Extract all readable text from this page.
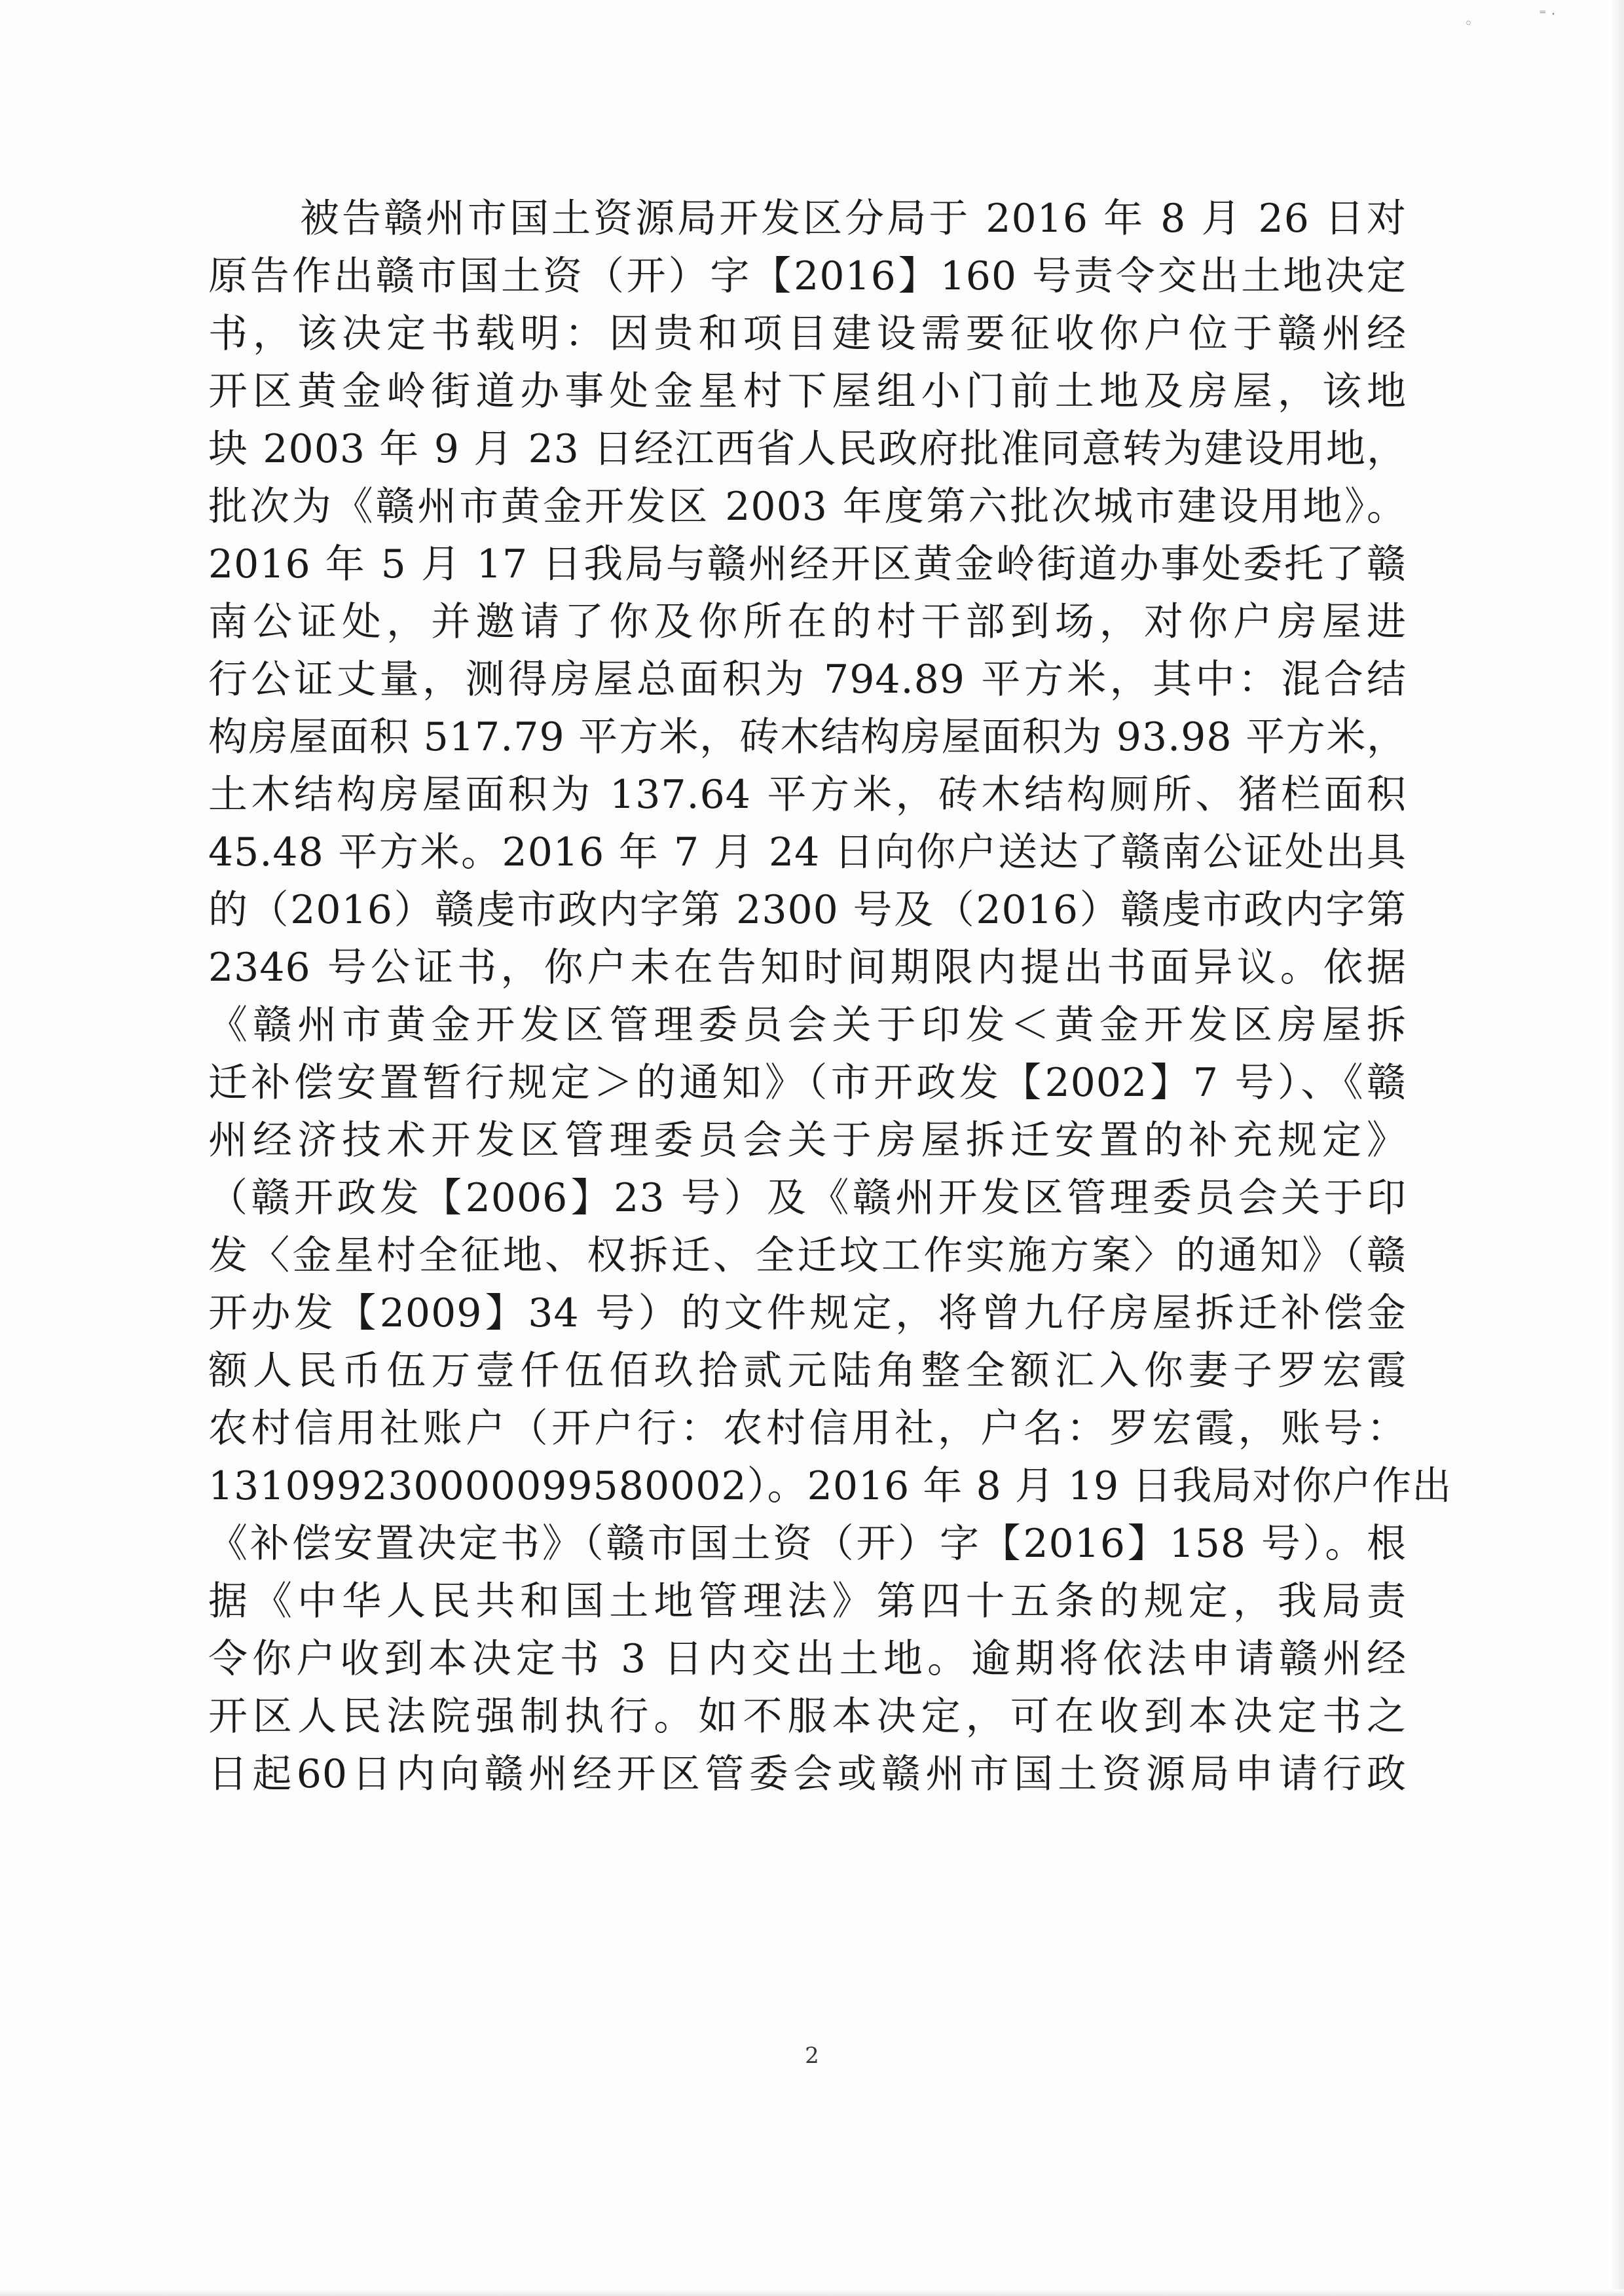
◦
⁼ ·
被告赣州市国土资源局开发区分局于 2016 年 8 月 26 日对
原告作出赣市国土资（开）字【2016】160 号责令交出土地决定
书，该决定书载明：因贵和项目建设需要征收你户位于赣州经
开区黄金岭街道办事处金星村下屋组小门前土地及房屋，该地
块 2003 年 9 月 23 日经江西省人民政府批准同意转为建设用地，
批次为《赣州市黄金开发区 2003 年度第六批次城市建设用地》。
2016 年 5 月 17 日我局与赣州经开区黄金岭街道办事处委托了赣
南公证处，并邀请了你及你所在的村干部到场，对你户房屋进
行公证丈量，测得房屋总面积为 794.89 平方米，其中：混合结
构房屋面积 517.79 平方米，砖木结构房屋面积为 93.98 平方米，
土木结构房屋面积为 137.64 平方米，砖木结构厕所、猪栏面积
45.48 平方米。2016 年 7 月 24 日向你户送达了赣南公证处出具
的（2016）赣虔市政内字第 2300 号及（2016）赣虔市政内字第
2346 号公证书，你户未在告知时间期限内提出书面异议。依据
《赣州市黄金开发区管理委员会关于印发＜黄金开发区房屋拆
迁补偿安置暂行规定＞的通知》（市开政发【2002】7 号）、《赣
州经济技术开发区管理委员会关于房屋拆迁安置的补充规定》
（赣开政发【2006】23 号）及《赣州开发区管理委员会关于印
发〈金星村全征地、权拆迁、全迁坟工作实施方案〉的通知》（赣
开办发【2009】34 号）的文件规定，将曾九仔房屋拆迁补偿金
额人民币伍万壹仟伍佰玖拾贰元陆角整全额汇入你妻子罗宏霞
农村信用社账户（开户行：农村信用社，户名：罗宏霞，账号：
131099230000099580002）。2016 年 8 月 19 日我局对你户作出
《补偿安置决定书》（赣市国土资（开）字【2016】158 号）。根
据《中华人民共和国土地管理法》第四十五条的规定，我局责
令你户收到本决定书 3 日内交出土地。逾期将依法申请赣州经
开区人民法院强制执行。如不服本决定，可在收到本决定书之
日起60日内向赣州经开区管委会或赣州市国土资源局申请行政
2
